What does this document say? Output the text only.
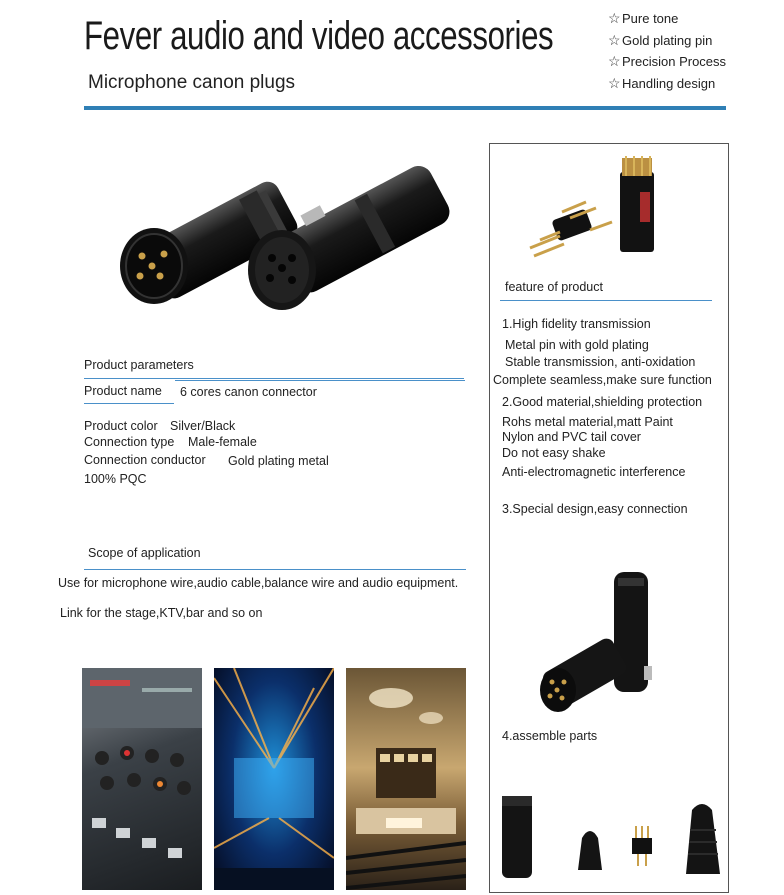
Fever audio and video accessories
Microphone canon plugs
☆Pure tone
☆Gold plating pin
☆Precision Process
☆Handling design
Product parameters
Product name 6 cores canon connector
Product color Silver/Black
Connection type Male-female
Connection conductor Gold plating metal
100% PQC
Scope of application
Use for microphone wire,audio cable,balance wire and audio equipment.
Link for the stage,KTV,bar and so on
feature of product
1.High fidelity transmission
Metal pin with gold plating
Stable transmission, anti-oxidation
Complete seamless,make sure function
2.Good material,shielding protection
Rohs metal material,matt Paint
Nylon and PVC tail cover
Do not easy shake
Anti-electromagnetic interference
3.Special design,easy connection
4.assemble parts
